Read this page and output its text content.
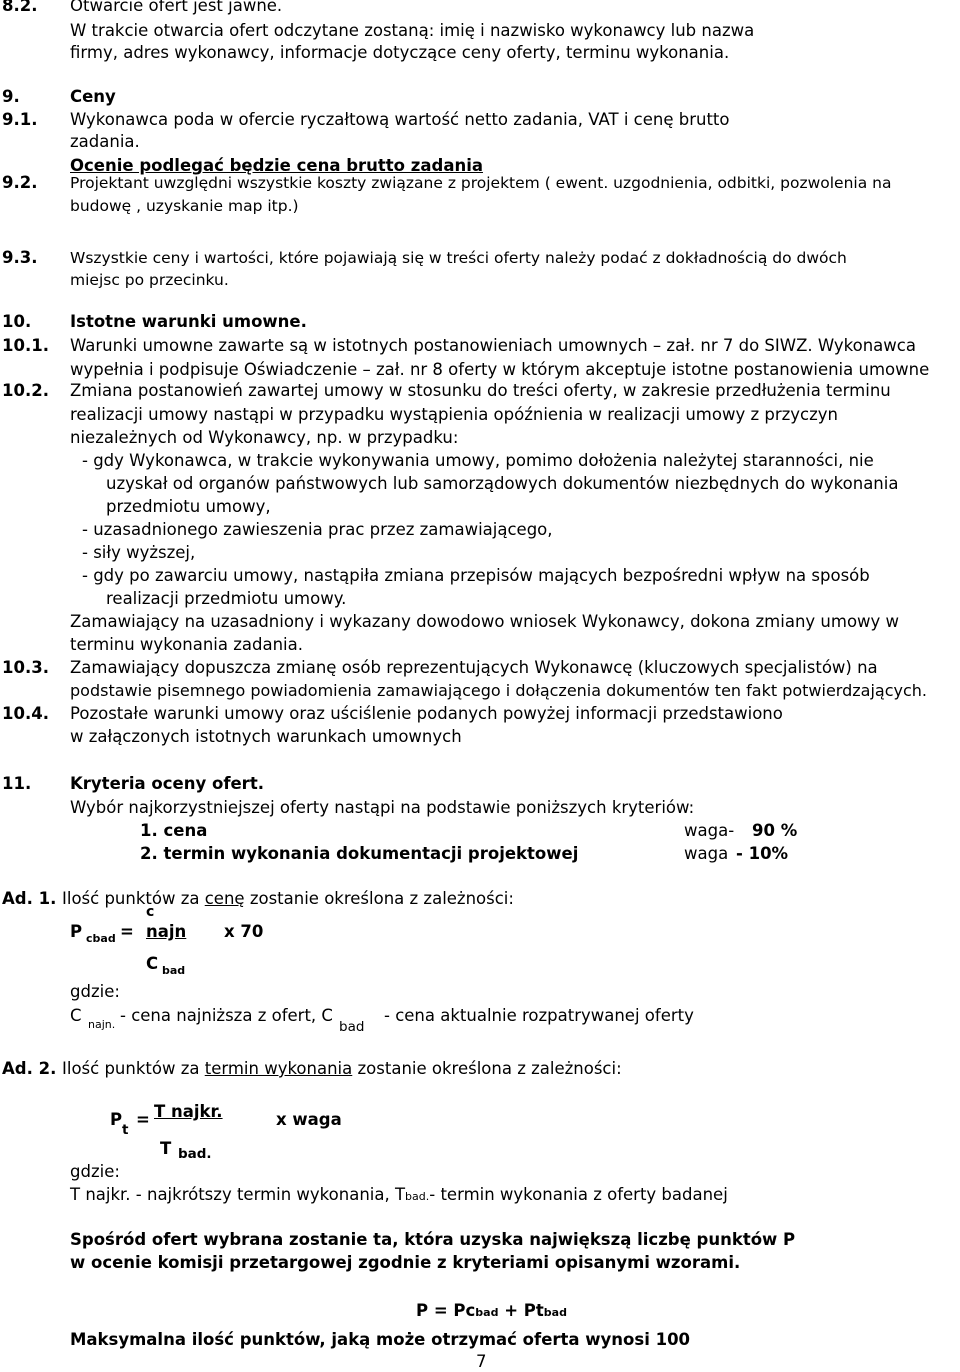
8.2. Otwarcie ofert jest jawne.
W trakcie otwarcia ofert odczytane zostaną: imię i nazwisko wykonawcy lub nazwa
firmy, adres wykonawcy, informacje dotyczące ceny oferty, terminu wykonania.
9.	Ceny
9.1. Wykonawca poda w ofercie ryczałtową wartość netto zadania, VAT i cenę brutto
zadania.
Ocenie podlegać będzie cena brutto zadania
9.2. Projektant uwzględni wszystkie koszty związane z projektem ( ewent. uzgodnienia, odbitki, pozwolenia na
budowę , uzyskanie map itp.)
9.3. Wszystkie ceny i wartości, które pojawiają się w treści oferty należy podać z dokładnością do dwóch
miejsc po przecinku.
10. Istotne warunki umowne.
10.1. Warunki umowne zawarte są w istotnych postanowieniach umownych – zał. nr 7 do SIWZ. Wykonawca
wypełnia i podpisuje Oświadczenie – zał. nr 8 oferty w którym akceptuje istotne postanowienia umowne
10.2. Zmiana postanowień zawartej umowy w stosunku do treści oferty, w zakresie przedłużenia terminu
realizacji umowy nastąpi w przypadku wystąpienia opóźnienia w realizacji umowy z przyczyn
niezależnych od Wykonawcy, np. w przypadku:
- gdy Wykonawca, w trakcie wykonywania umowy, pomimo dołożenia należytej staranności, nie
uzyskał od organów państwowych lub samorządowych dokumentów niezbędnych do wykonania
przedmiotu umowy,
- uzasadnionego zawieszenia prac przez zamawiającego,
- siły wyższej,
- gdy po zawarciu umowy, nastąpiła zmiana przepisów mających bezpośredni wpływ na sposób
realizacji przedmiotu umowy.
Zamawiający na uzasadniony i wykazany dowodowo wniosek Wykonawcy, dokona zmiany umowy w
terminu wykonania zadania.
10.3. Zamawiający dopuszcza zmianę osób reprezentujących Wykonawcę (kluczowych specjalistów) na
podstawie pisemnego powiadomienia zamawiającego i dołączenia dokumentów ten fakt potwierdzających.
10.4. Pozostałe warunki umowy oraz uściślenie podanych powyżej informacji przedstawiono
w załączonych istotnych warunkach umownych
11. Kryteria oceny ofert.
Wybór najkorzystniejszej oferty nastąpi na podstawie poniższych kryteriów:
1. cena	waga- 90 %
2. termin wykonania dokumentacji projektowej	waga - 10%
Ad. 1. Ilość punktów za cenę zostanie określona z zależności:
c
P cbad = najn x 70
C bad
gdzie:
C najn. - cena najniższa z ofert, C
bad
- cena aktualnie rozpatrywanej oferty
Ad. 2. Ilość punktów za termin wykonania zostanie określona z zależności:
P
t
= T najkr.	x waga
T bad.
gdzie:
T najkr. - najkrótszy termin wykonania, Tbad.- termin wykonania z oferty badanej
Spośród ofert wybrana zostanie ta, która uzyska największą liczbę punktów P
w ocenie komisji przetargowej zgodnie z kryteriami opisanymi wzorami.
P = Pcbad + Ptbad
Maksymalna ilość punktów, jaką może otrzymać oferta wynosi 100
7
